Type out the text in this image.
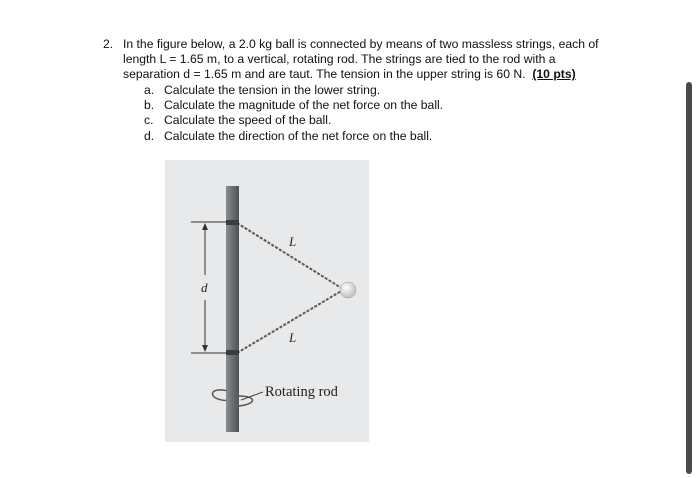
2. In the figure below, a 2.0 kg ball is connected by means of two massless strings, each of
length L = 1.65 m, to a vertical, rotating rod. The strings are tied to the rod with a
separation d = 1.65 m and are taut. The tension in the upper string is 60 N. (10 pts)
a. Calculate the tension in the lower string.
b. Calculate the magnitude of the net force on the ball.
c. Calculate the speed of the ball.
d. Calculate the direction of the net force on the ball.
L
L
d
Rotating rod
